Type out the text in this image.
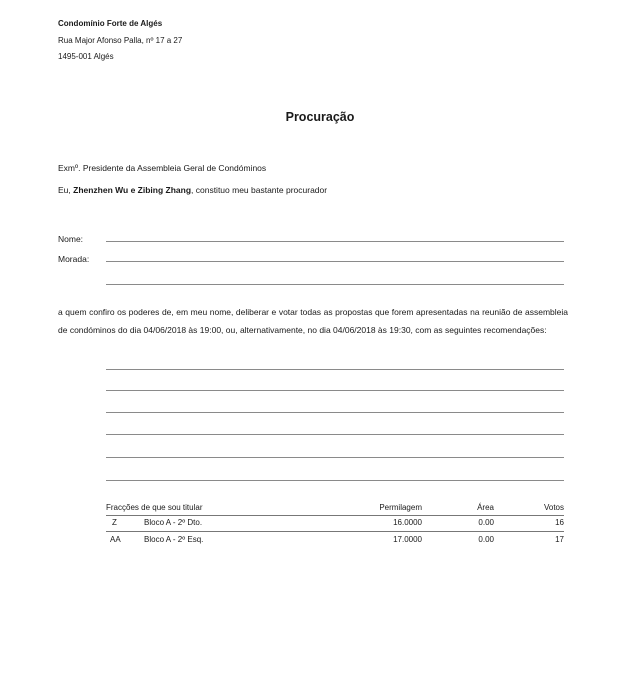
Condomínio Forte de Algés
Rua Major Afonso Palla, nº 17 a 27
1495-001 Algés
Procuração
Exmº. Presidente da Assembleia Geral de Condóminos
Eu, Zhenzhen Wu e Zibing Zhang, constituo meu bastante procurador
Nome:
Morada:
a quem confiro os poderes de, em meu nome, deliberar e votar todas as propostas que forem apresentadas na reunião de assembleia de condóminos do dia 04/06/2018 às 19:00, ou, alternativamente, no dia 04/06/2018 às 19:30, com as seguintes recomendações:
Fracções de que sou titular	Permilagem	Área	Votos
Z	Bloco A - 2º Dto.	16.0000	0.00	16
AA	Bloco A - 2º Esq.	17.0000	0.00	17
